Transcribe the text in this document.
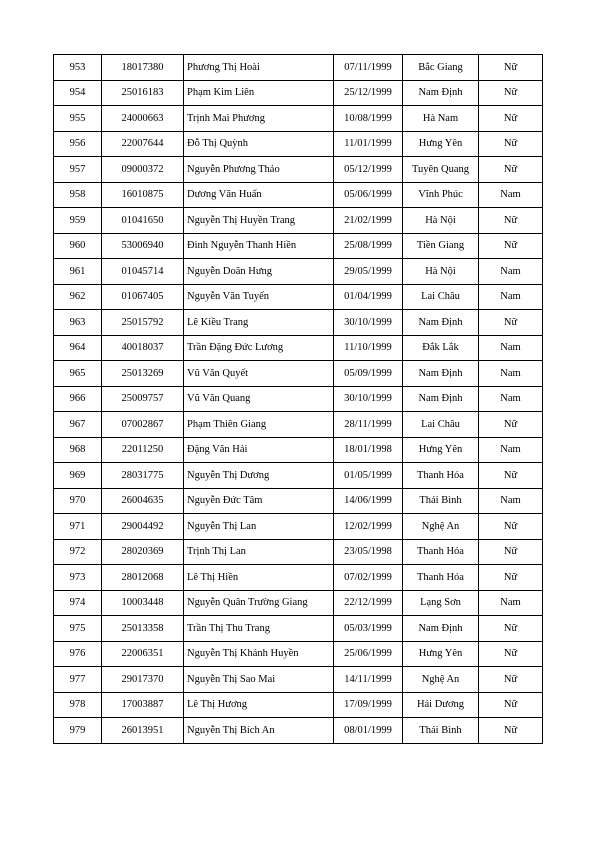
953	18017380	Phương Thị Hoài	07/11/1999	Bắc Giang	Nữ
954	25016183	Phạm Kim Liên	25/12/1999	Nam Định	Nữ
955	24000663	Trịnh Mai Phương	10/08/1999	Hà Nam	Nữ
956	22007644	Đỗ Thị Quỳnh	11/01/1999	Hưng Yên	Nữ
957	09000372	Nguyễn Phương Thảo	05/12/1999	Tuyên Quang	Nữ
958	16010875	Dương Văn Huấn	05/06/1999	Vĩnh Phúc	Nam
959	01041650	Nguyễn Thị Huyền Trang	21/02/1999	Hà Nội	Nữ
960	53006940	Đinh Nguyễn Thanh Hiền	25/08/1999	Tiền Giang	Nữ
961	01045714	Nguyễn Doãn Hưng	29/05/1999	Hà Nội	Nam
962	01067405	Nguyễn Văn Tuyến	01/04/1999	Lai Châu	Nam
963	25015792	Lê Kiều Trang	30/10/1999	Nam Định	Nữ
964	40018037	Trần Đặng Đức Lương	11/10/1999	Đắk Lắk	Nam
965	25013269	Vũ Văn Quyết	05/09/1999	Nam Định	Nam
966	25009757	Vũ Văn Quang	30/10/1999	Nam Định	Nam
967	07002867	Phạm Thiên Giang	28/11/1999	Lai Châu	Nữ
968	22011250	Đặng Văn Hải	18/01/1998	Hưng Yên	Nam
969	28031775	Nguyễn Thị Dương	01/05/1999	Thanh Hóa	Nữ
970	26004635	Nguyễn Đức Tâm	14/06/1999	Thái Bình	Nam
971	29004492	Nguyễn Thị Lan	12/02/1999	Nghệ An	Nữ
972	28020369	Trịnh Thị Lan	23/05/1998	Thanh Hóa	Nữ
973	28012068	Lê Thị Hiền	07/02/1999	Thanh Hóa	Nữ
974	10003448	Nguyễn Quân Trường Giang	22/12/1999	Lạng Sơn	Nam
975	25013358	Trần Thị Thu Trang	05/03/1999	Nam Định	Nữ
976	22006351	Nguyễn Thị Khánh Huyền	25/06/1999	Hưng Yên	Nữ
977	29017370	Nguyễn Thị Sao Mai	14/11/1999	Nghệ An	Nữ
978	17003887	Lê Thị Hương	17/09/1999	Hải Dương	Nữ
979	26013951	Nguyễn Thị Bích An	08/01/1999	Thái Bình	Nữ
